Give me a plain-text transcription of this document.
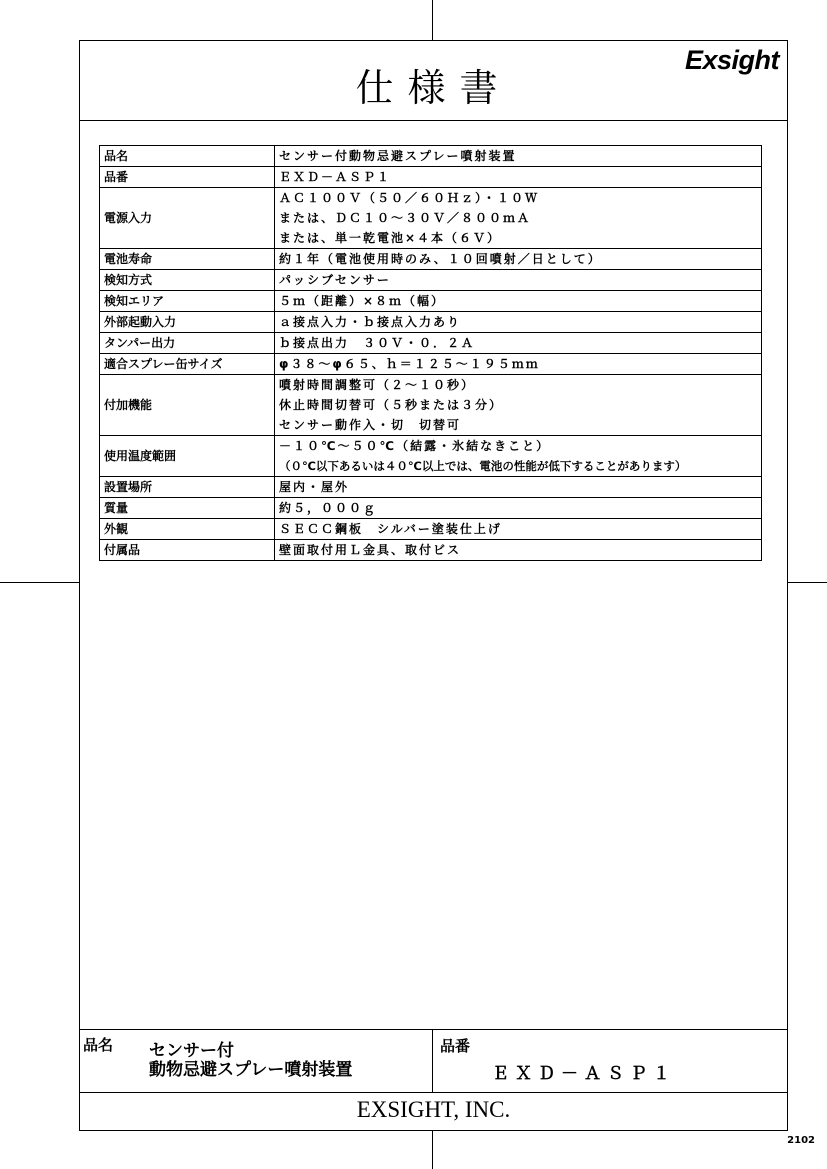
仕様書
Exsight
品名	センサー付動物忌避スプレー噴射装置

品番	ＥＸＤ－ＡＳＰ１

電源入力	ＡＣ１００Ｖ（５０／６０Ｈｚ）・１０Ｗ
または、ＤＣ１０～３０Ｖ／８００ｍＡ
または、単一乾電池×４本（６Ｖ）

電池寿命	約１年（電池使用時のみ、１０回噴射／日として）

検知方式	パッシブセンサー

検知エリア	５ｍ（距離）×８ｍ（幅）

外部起動入力	ａ接点入力・ｂ接点入力あり

タンパー出力	ｂ接点出力　３０Ｖ・０．２Ａ

適合スプレー缶サイズ	φ３８～φ６５、ｈ＝１２５～１９５ｍｍ

付加機能	噴射時間調整可（２～１０秒）
休止時間切替可（５秒または３分）
センサー動作入・切　切替可

使用温度範囲	－１０℃～５０℃（結露・氷結なきこと）
（０℃以下あるいは４０℃以上では、電池の性能が低下することがあります）

設置場所	屋内・屋外

質量	約５，０００ｇ

外観	ＳＥＣＣ鋼板　シルバー塗装仕上げ

付属品	壁面取付用Ｌ金具、取付ビス
品名 センサー付
動物忌避スプレー噴射装置
品番
ＥＸＤ－ＡＳＰ１
EXSIGHT, INC.
2102
